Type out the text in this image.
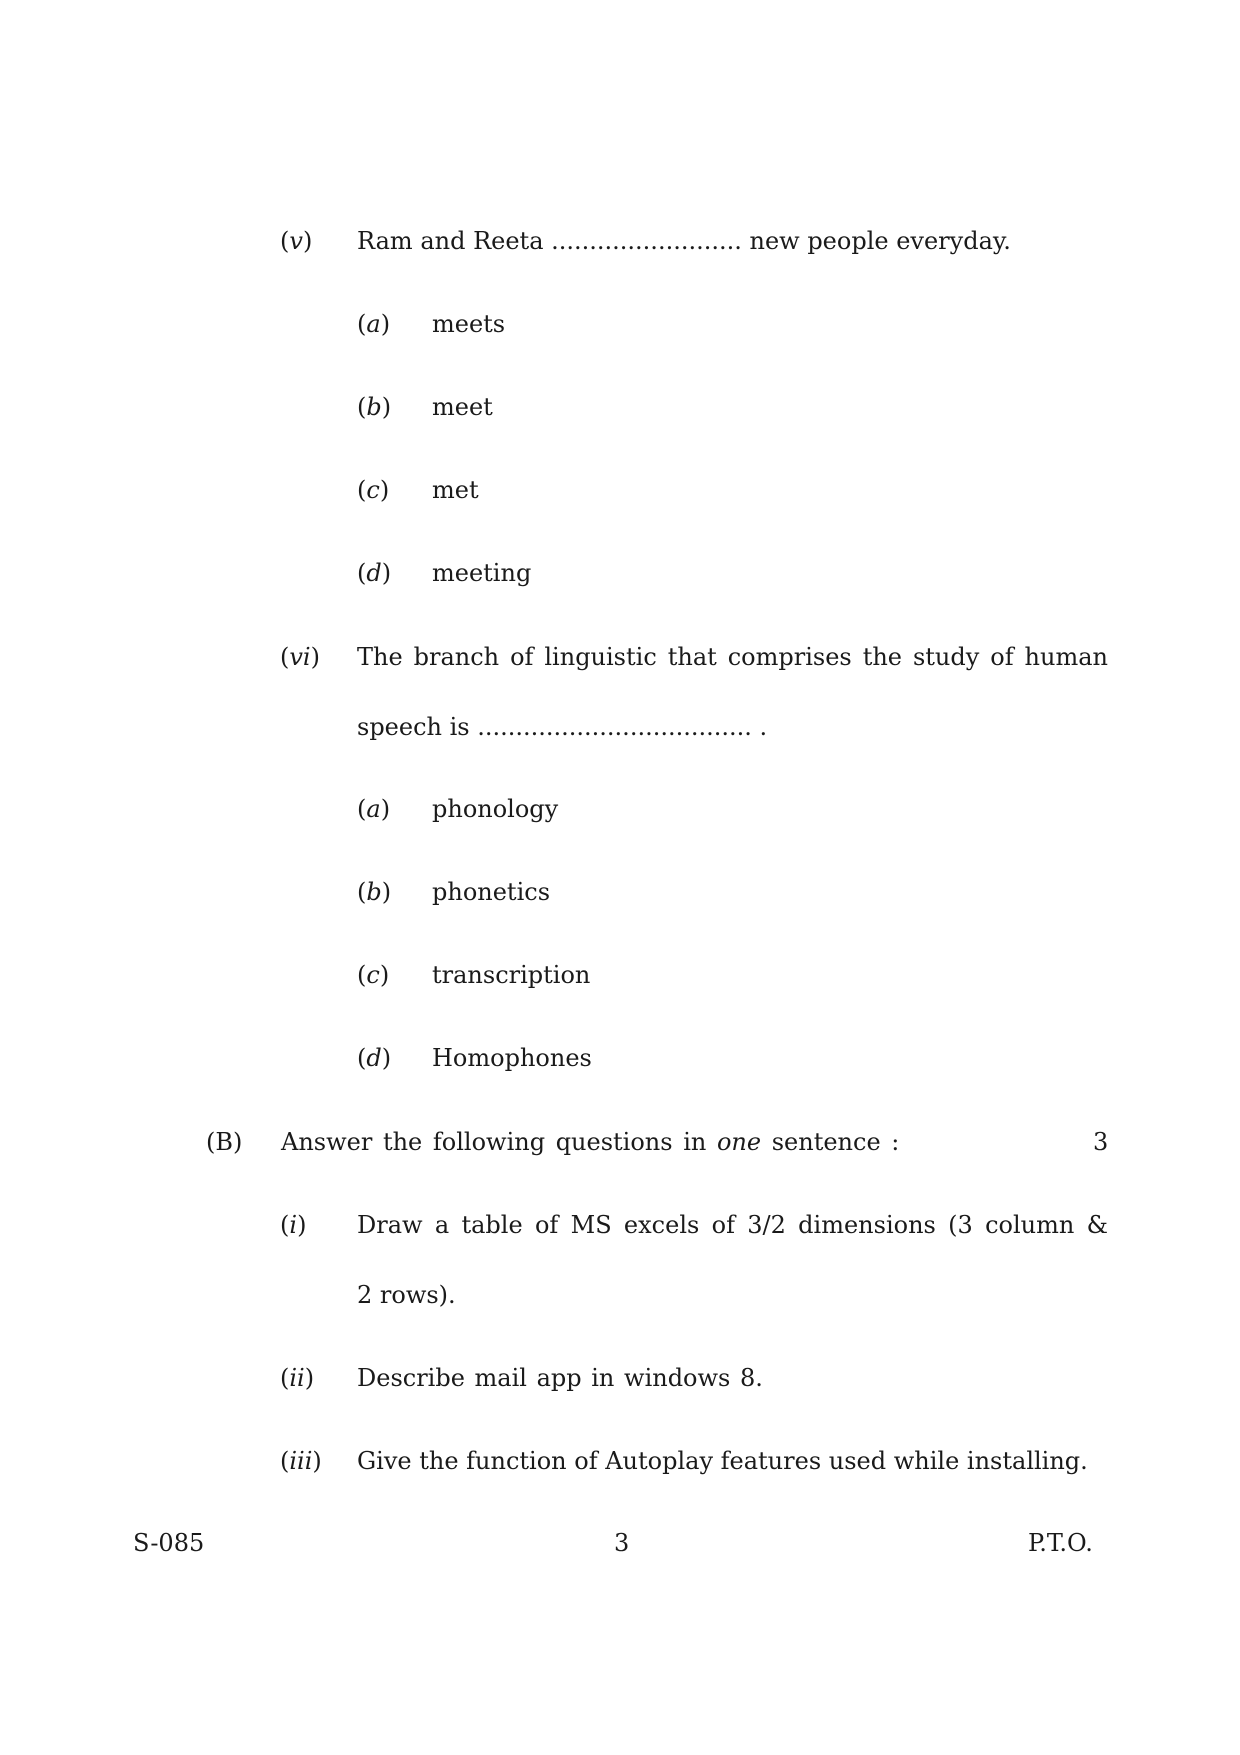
(v) Ram and Reeta ......................... new people everyday.
(a) meets
(b) meet
(c) met
(d) meeting
(vi) The branch of linguistic that comprises the study of human
speech is .................................... .
(a) phonology
(b) phonetics
(c) transcription
(d) Homophones
(B) Answer the following questions in one sentence :	3
(i) Draw a table of MS excels of 3/2 dimensions (3 column &
2 rows).
(ii) Describe mail app in windows 8.
(iii) Give the function of Autoplay features used while installing.
S-085	3	P.T.O.
